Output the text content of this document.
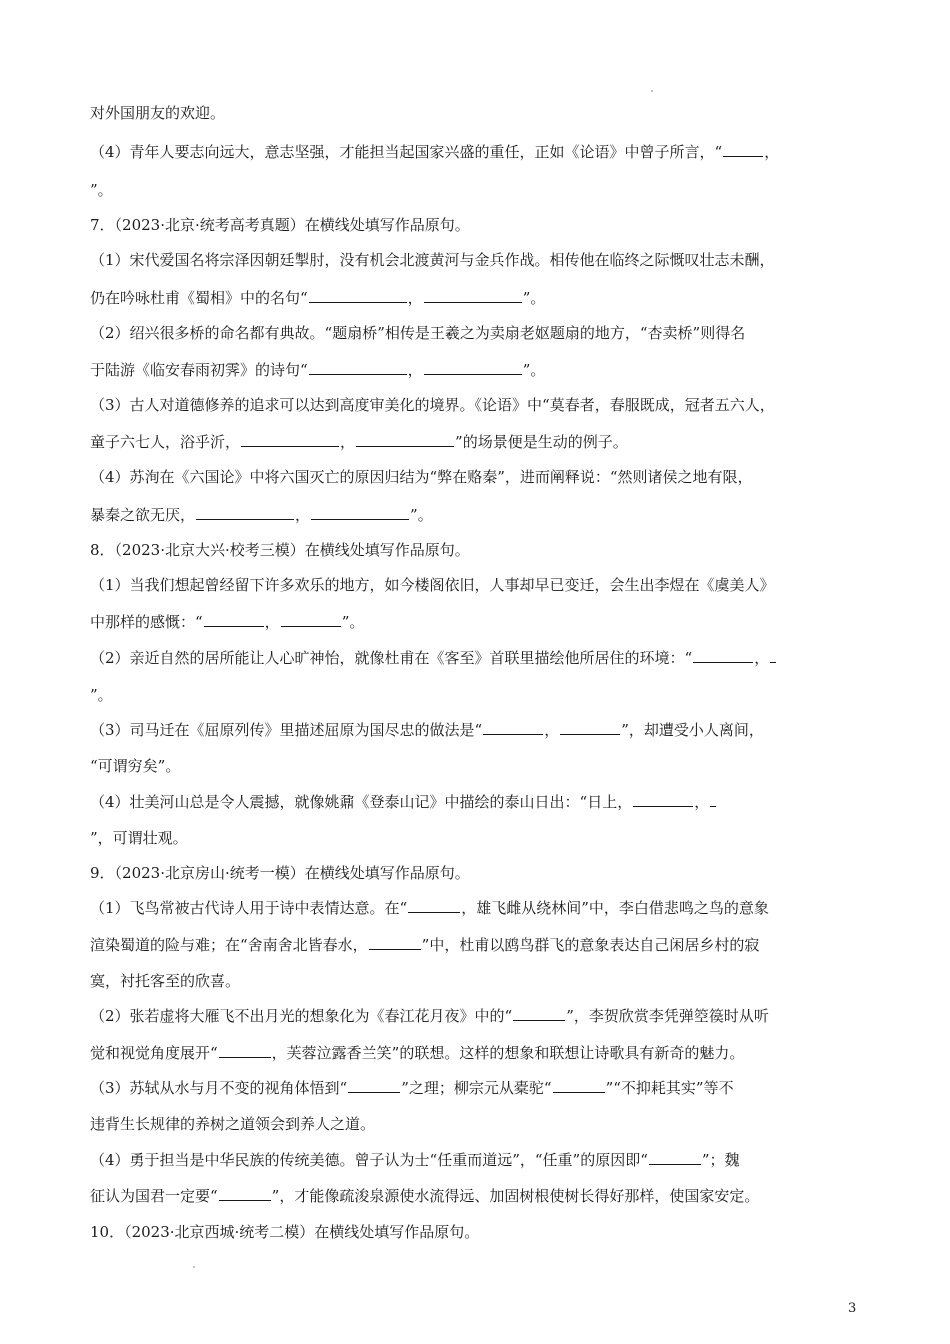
对外国朋友的欢迎。
（4）青年人要志向远大，意志坚强，才能担当起国家兴盛的重任，正如《论语》中曾子所言，“	，
”。
7．（2023·北京·统考高考真题）在横线处填写作品原句。
（1）宋代爱国名将宗泽因朝廷掣肘，没有机会北渡黄河与金兵作战。相传他在临终之际慨叹壮志未酬，
仍在吟咏杜甫《蜀相》中的名句“	，	”。
（2）绍兴很多桥的命名都有典故。“题扇桥”相传是王羲之为卖扇老妪题扇的地方，“杏卖桥”则得名
于陆游《临安春雨初霁》的诗句“	，	”。
（3）古人对道德修养的追求可以达到高度审美化的境界。《论语》中“莫春者，春服既成，冠者五六人，
童子六七人，浴乎沂，	，	”的场景便是生动的例子。
（4）苏洵在《六国论》中将六国灭亡的原因归结为“弊在赂秦”，进而阐释说：“然则诸侯之地有限，
暴秦之欲无厌，	，	”。
8．（2023·北京大兴·校考三模）在横线处填写作品原句。
（1）当我们想起曾经留下许多欢乐的地方，如今楼阁依旧，人事却早已变迁，会生出李煜在《虞美人》
中那样的感慨：“	，	”。
（2）亲近自然的居所能让人心旷神怡，就像杜甫在《客至》首联里描绘他所居住的环境：“	，
”。
（3）司马迁在《屈原列传》里描述屈原为国尽忠的做法是“	，	”，却遭受小人离间，
“可谓穷矣”。
（4）壮美河山总是令人震撼，就像姚鼐《登泰山记》中描绘的泰山日出：“日上，	，
”，可谓壮观。
9．（2023·北京房山·统考一模）在横线处填写作品原句。
（1）飞鸟常被古代诗人用于诗中表情达意。在“	，雄飞雌从绕林间”中，李白借悲鸣之鸟的意象
渲染蜀道的险与难；在“舍南舍北皆春水，	”中，杜甫以鸥鸟群飞的意象表达自己闲居乡村的寂
寞，衬托客至的欣喜。
（2）张若虚将大雁飞不出月光的想象化为《春江花月夜》中的“	”，李贺欣赏李凭弹箜篌时从听
觉和视觉角度展开“	，芙蓉泣露香兰笑”的联想。这样的想象和联想让诗歌具有新奇的魅力。
（3）苏轼从水与月不变的视角体悟到“	”之理；柳宗元从橐驼“	”“不抑耗其实”等不
违背生长规律的养树之道领会到养人之道。
（4）勇于担当是中华民族的传统美德。曾子认为士“任重而道远”，“任重”的原因即“	”；魏
征认为国君一定要“	”，才能像疏浚泉源使水流得远、加固树根使树长得好那样，使国家安定。
10．（2023·北京西城·统考二模）在横线处填写作品原句。
3
